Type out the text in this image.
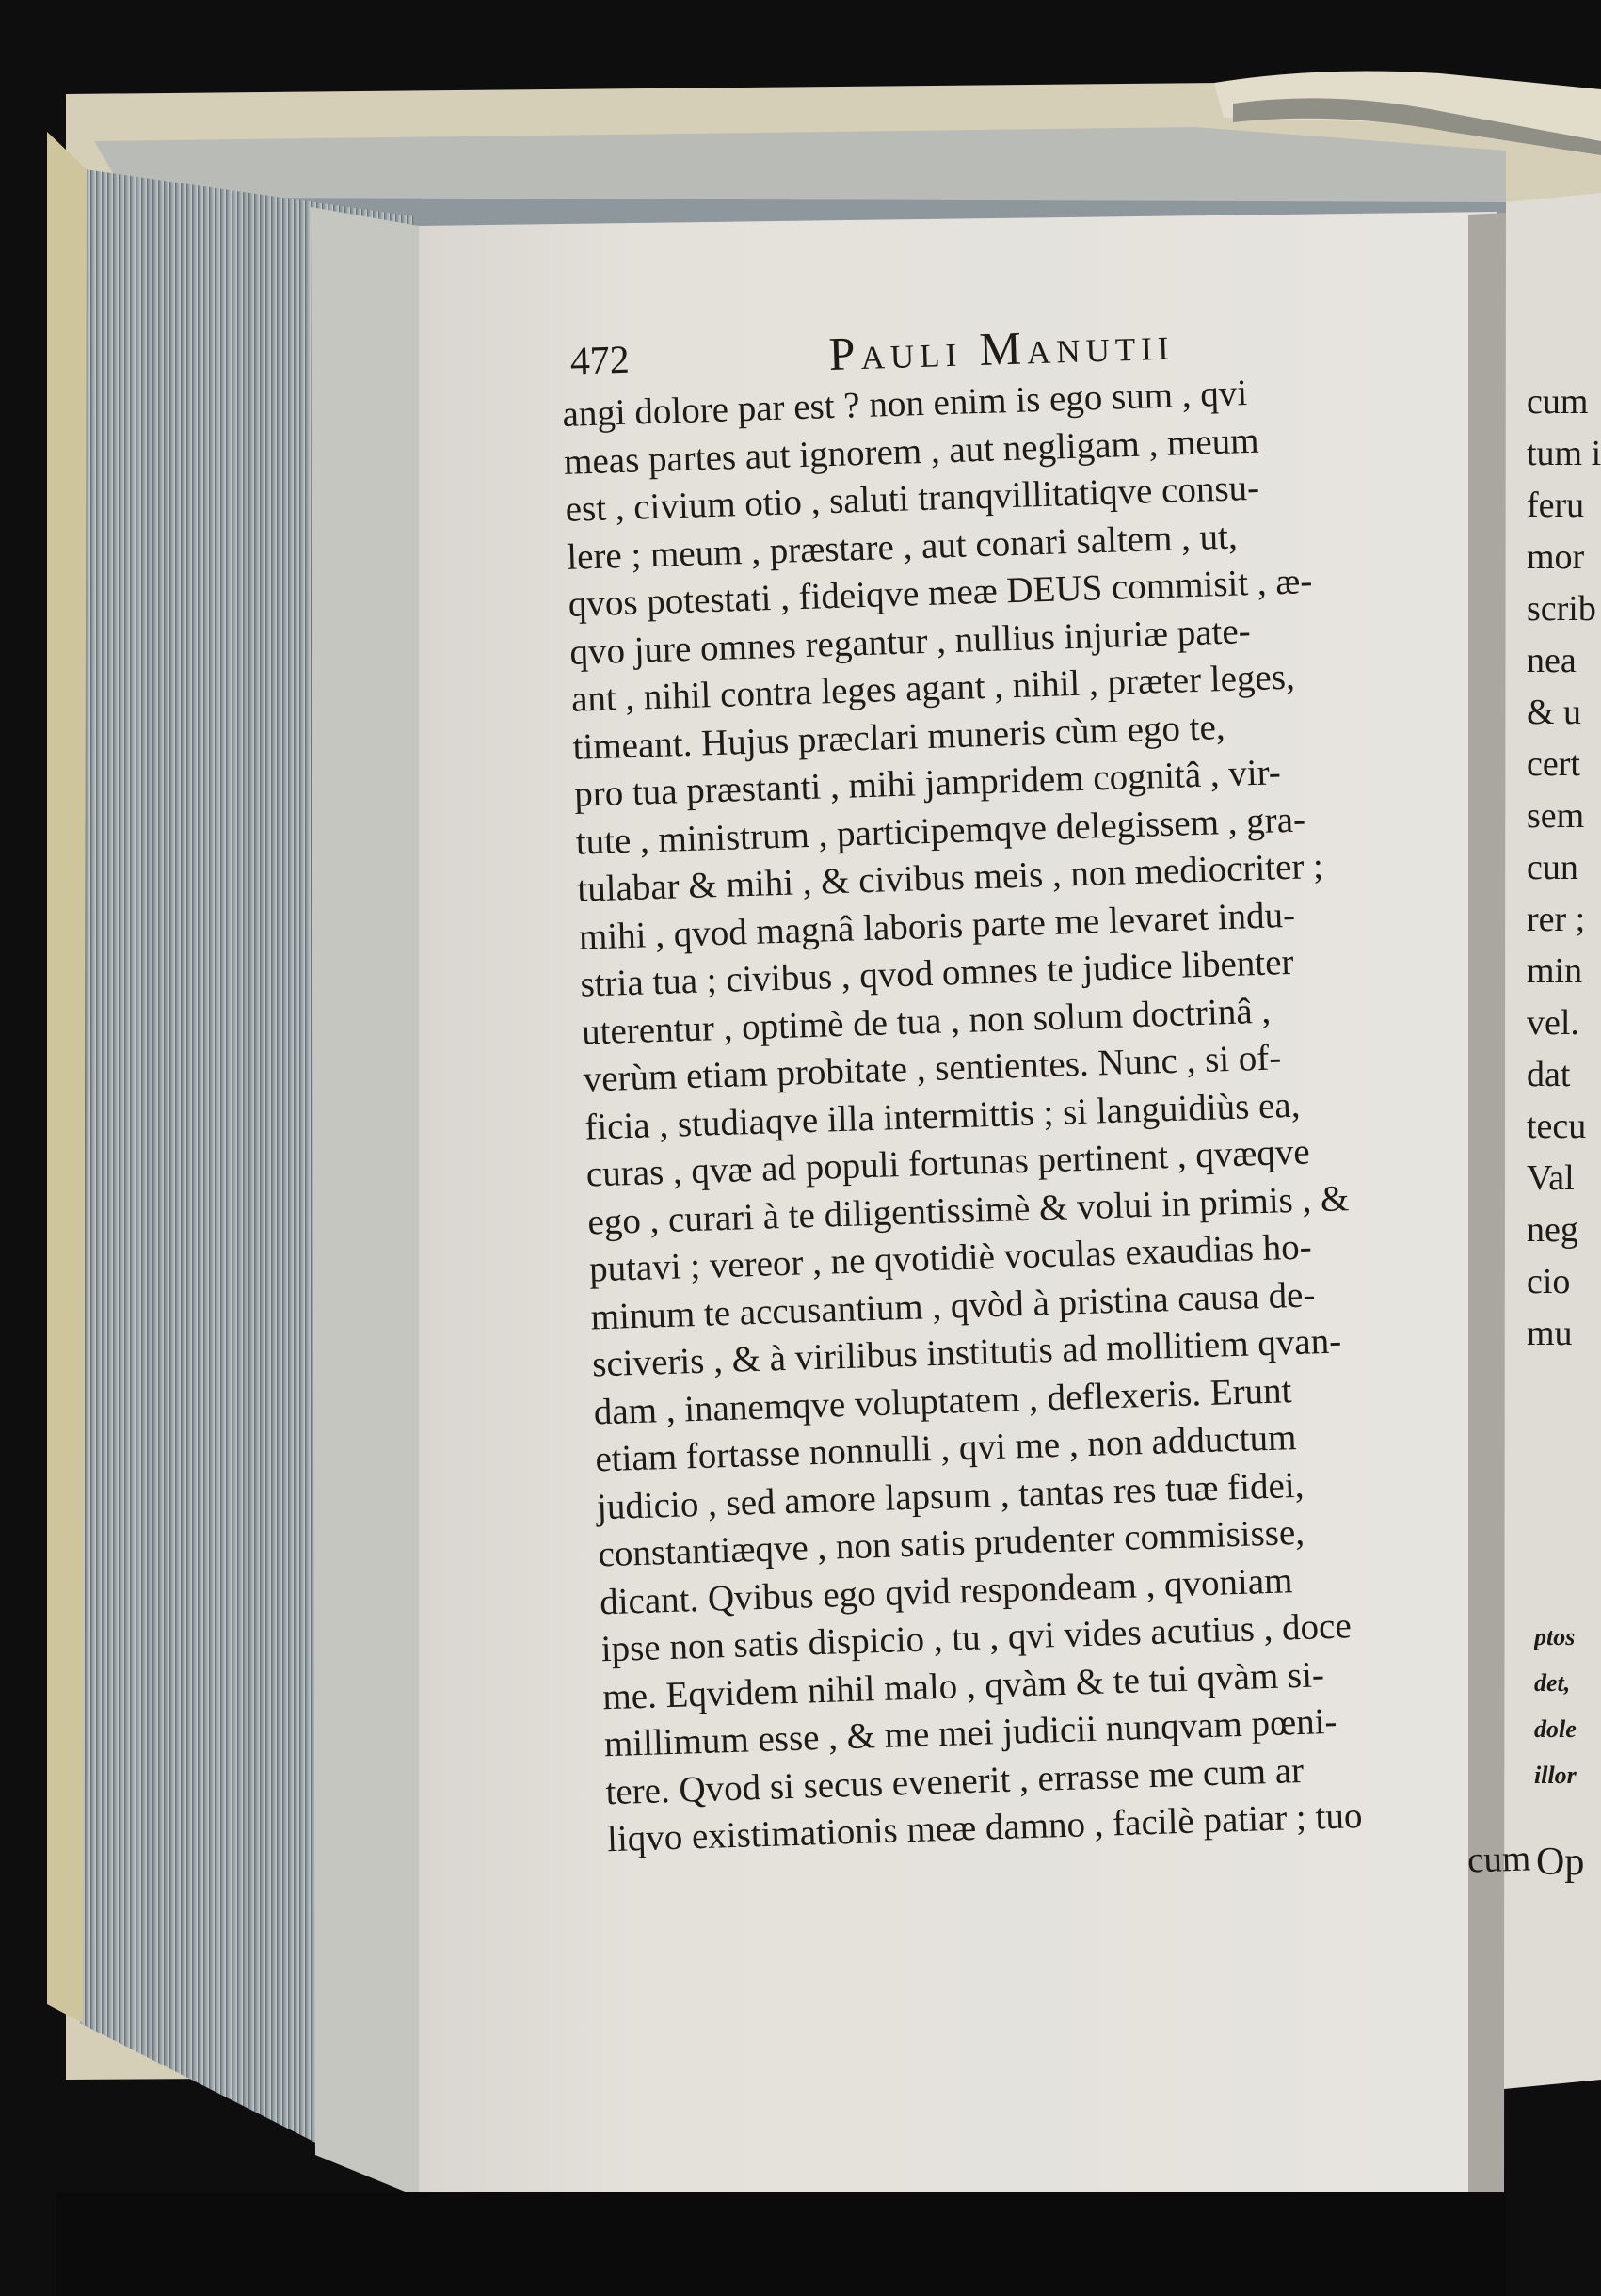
472	Pauli Manutii
angi dolore par est ? non enim is ego sum , qvi
meas partes aut ignorem , aut negligam , meum
est , civium otio , saluti tranqvillitatiqve consu-
lere ; meum , præstare , aut conari saltem , ut,
qvos potestati , fideiqve meæ DEUS commisit , æ-
qvo jure omnes regantur , nullius injuriæ pate-
ant , nihil contra leges agant , nihil , præter leges,
timeant. Hujus præclari muneris cùm ego te,
pro tua præstanti , mihi jampridem cognitâ , vir-
tute , ministrum , participemqve delegissem , gra-
tulabar & mihi , & civibus meis , non mediocriter ;
mihi , qvod magnâ laboris parte me levaret indu-
stria tua ; civibus , qvod omnes te judice libenter
uterentur , optimè de tua , non solum doctrinâ ,
verùm etiam probitate , sentientes. Nunc , si of-
ficia , studiaqve illa intermittis ; si languidiùs ea,
curas , qvæ ad populi fortunas pertinent , qvæqve
ego , curari à te diligentissimè & volui in primis , &
putavi ; vereor , ne qvotidiè voculas exaudias ho-
minum te accusantium , qvòd à pristina causa de-
sciveris , & à virilibus institutis ad mollitiem qvan-
dam , inanemqve voluptatem , deflexeris. Erunt
etiam fortasse nonnulli , qvi me , non adductum
judicio , sed amore lapsum , tantas res tuæ fidei,
constantiæqve , non satis prudenter commisisse,
dicant. Qvibus ego qvid respondeam , qvoniam
ipse non satis dispicio , tu , qvi vides acutius , doce
me. Eqvidem nihil malo , qvàm & te tui qvàm si-
millimum esse , & me mei judicii nunqvam pœni-
tere. Qvod si secus evenerit , errasse me cum ar
liqvo existimationis meæ damno , facilè patiar ; tuo	cum
cum
tum i
feru
mor
scrib
nea
& u
cert
sem
cun
rer ;
min
vel.
dat
tecu
Val
neg
cio
mu
ptos
det,
dole
illor
Op
